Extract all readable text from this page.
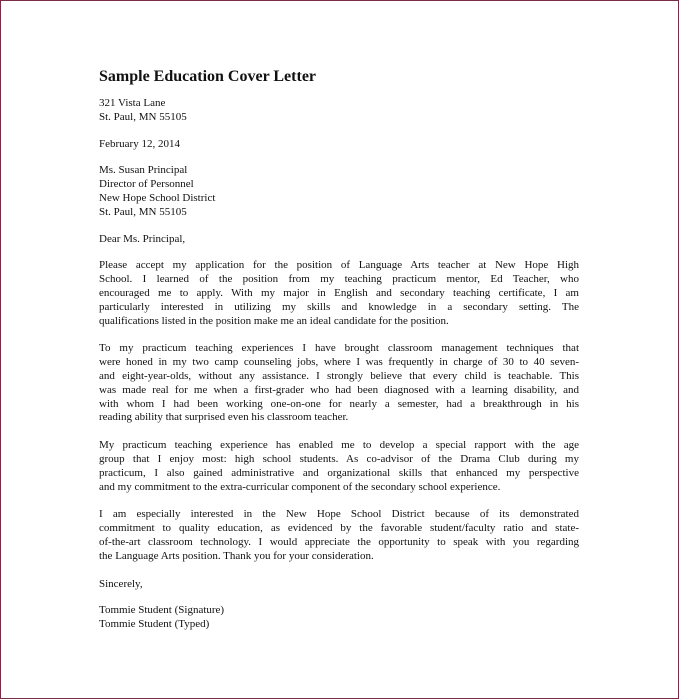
Sample Education Cover Letter
321 Vista Lane
St. Paul, MN 55105
February 12, 2014
Ms. Susan Principal
Director of Personnel
New Hope School District
St. Paul, MN 55105
Dear Ms. Principal,
Please accept my application for the position of Language Arts teacher at New Hope High
School. I learned of the position from my teaching practicum mentor, Ed Teacher, who
encouraged me to apply. With my major in English and secondary teaching certificate, I am
particularly interested in utilizing my skills and knowledge in a secondary setting. The
qualifications listed in the position make me an ideal candidate for the position.
To my practicum teaching experiences I have brought classroom management techniques that
were honed in my two camp counseling jobs, where I was frequently in charge of 30 to 40 seven-
and eight-year-olds, without any assistance. I strongly believe that every child is teachable. This
was made real for me when a first-grader who had been diagnosed with a learning disability, and
with whom I had been working one-on-one for nearly a semester, had a breakthrough in his
reading ability that surprised even his classroom teacher.
My practicum teaching experience has enabled me to develop a special rapport with the age
group that I enjoy most: high school students. As co-advisor of the Drama Club during my
practicum, I also gained administrative and organizational skills that enhanced my perspective
and my commitment to the extra-curricular component of the secondary school experience.
I am especially interested in the New Hope School District because of its demonstrated
commitment to quality education, as evidenced by the favorable student/faculty ratio and state-
of-the-art classroom technology. I would appreciate the opportunity to speak with you regarding
the Language Arts position. Thank you for your consideration.
Sincerely,
Tommie Student (Signature)
Tommie Student (Typed)
